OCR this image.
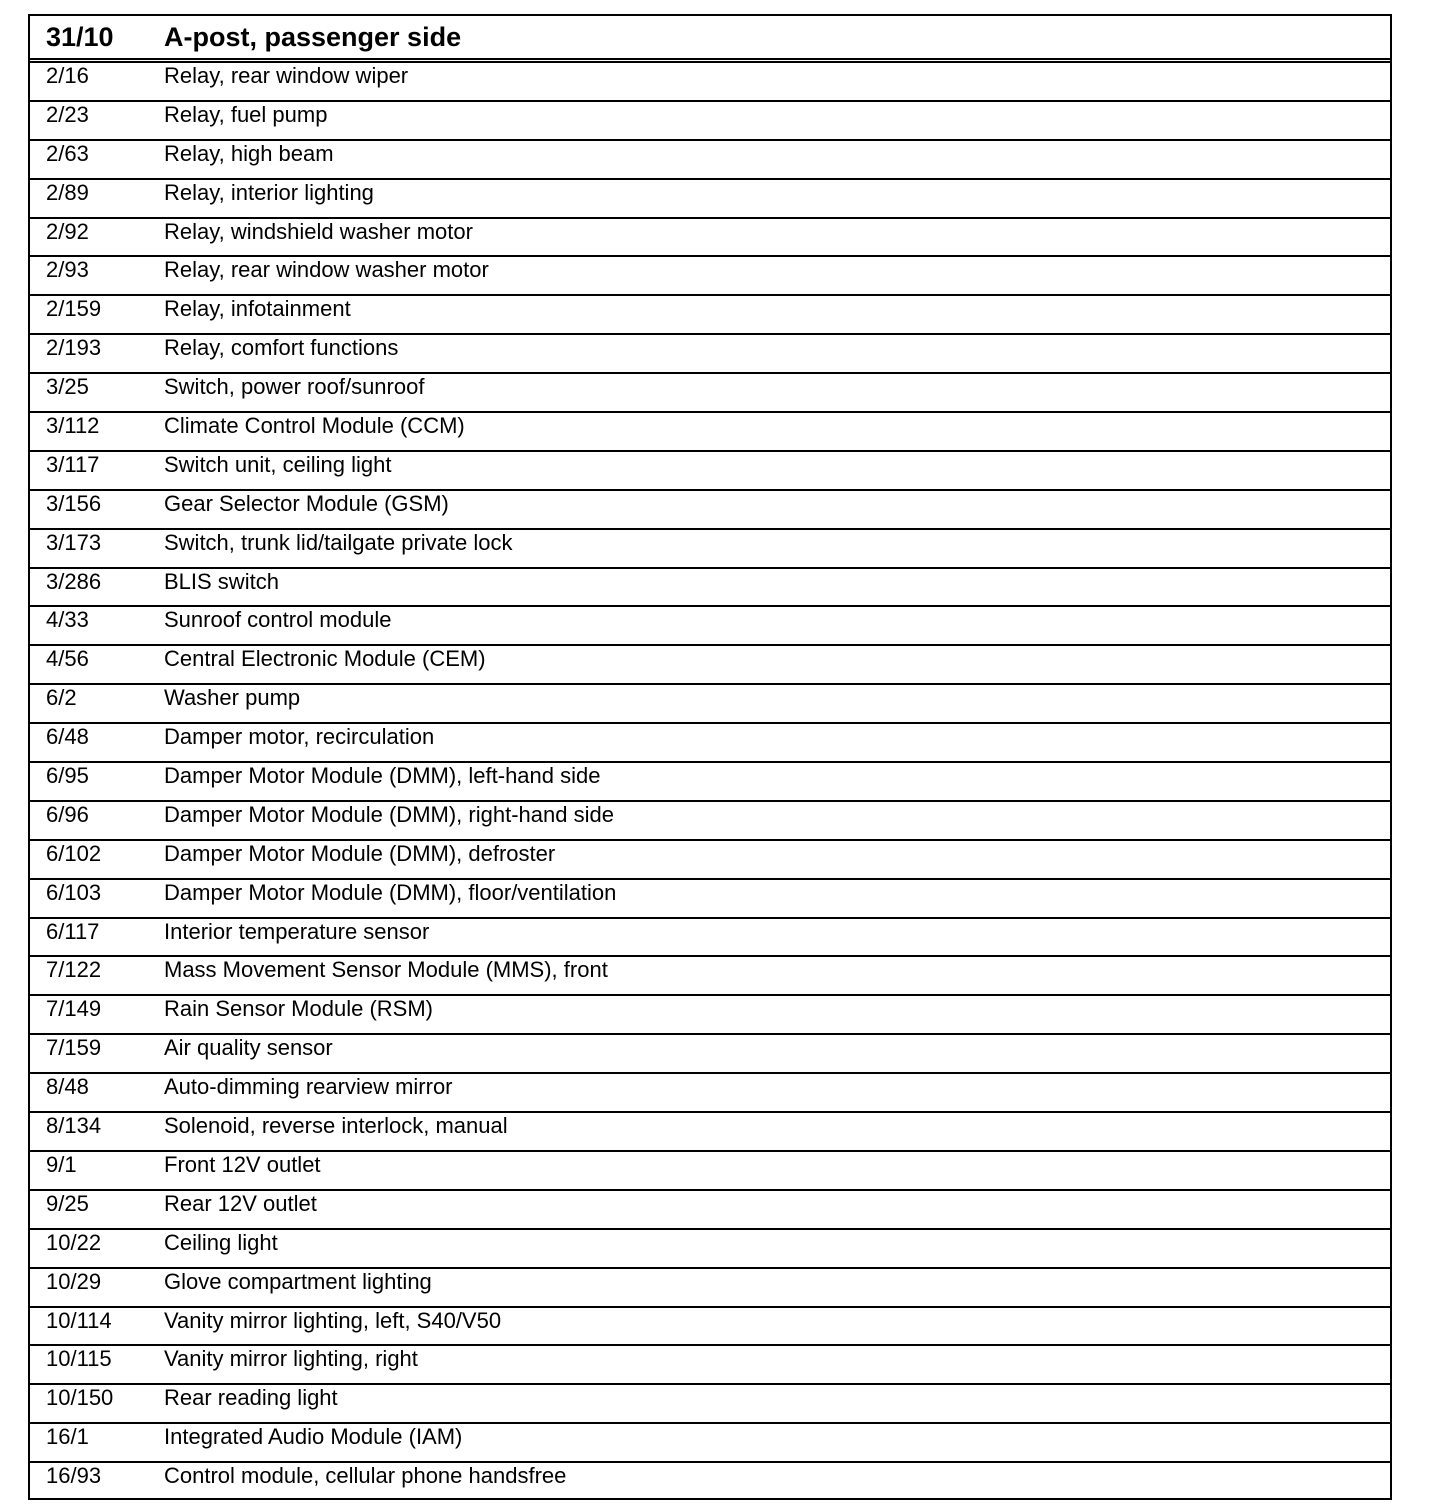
31/10 A-post, passenger side
2/16	Relay, rear window wiper
2/23	Relay, fuel pump
2/63	Relay, high beam
2/89	Relay, interior lighting
2/92	Relay, windshield washer motor
2/93	Relay, rear window washer motor
2/159	Relay, infotainment
2/193	Relay, comfort functions
3/25	Switch, power roof/sunroof
3/112	Climate Control Module (CCM)
3/117	Switch unit, ceiling light
3/156	Gear Selector Module (GSM)
3/173	Switch, trunk lid/tailgate private lock
3/286	BLIS switch
4/33	Sunroof control module
4/56	Central Electronic Module (CEM)
6/2	Washer pump
6/48	Damper motor, recirculation
6/95	Damper Motor Module (DMM), left-hand side
6/96	Damper Motor Module (DMM), right-hand side
6/102	Damper Motor Module (DMM), defroster
6/103	Damper Motor Module (DMM), floor/ventilation
6/117	Interior temperature sensor
7/122	Mass Movement Sensor Module (MMS), front
7/149	Rain Sensor Module (RSM)
7/159	Air quality sensor
8/48	Auto-dimming rearview mirror
8/134	Solenoid, reverse interlock, manual
9/1	Front 12V outlet
9/25	Rear 12V outlet
10/22	Ceiling light
10/29	Glove compartment lighting
10/114 Vanity mirror lighting, left, S40/V50
10/115 Vanity mirror lighting, right
10/150 Rear reading light
16/1	Integrated Audio Module (IAM)
16/93	Control module, cellular phone handsfree
